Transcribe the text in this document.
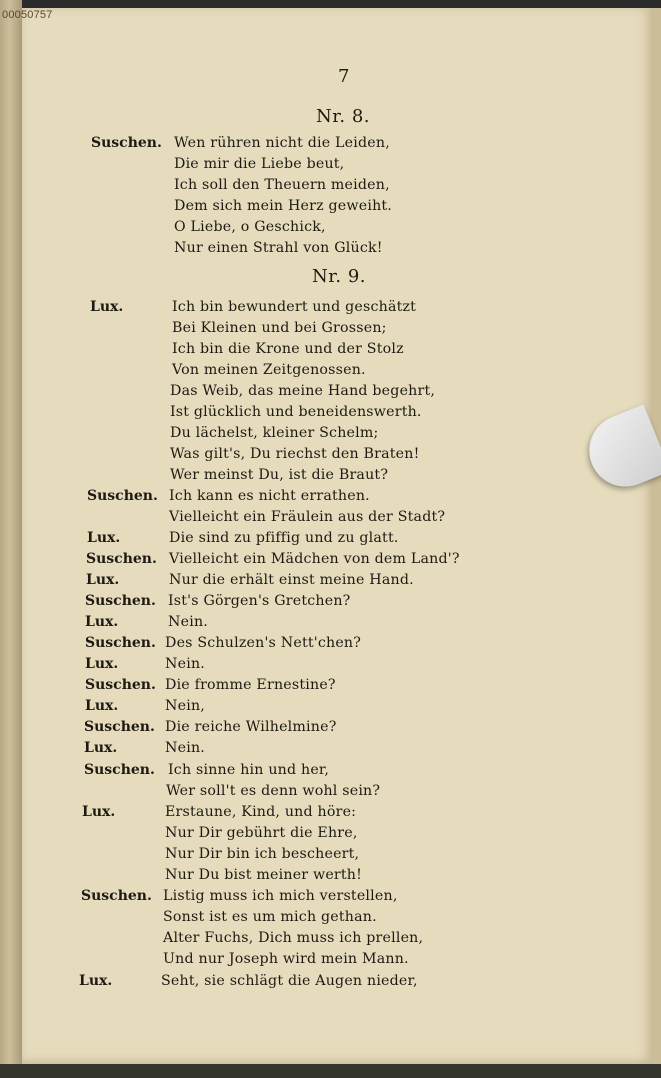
00050757
7
Nr. 8.
Suschen. Wen rühren nicht die Leiden,
Die mir die Liebe beut,
Ich soll den Theuern meiden,
Dem sich mein Herz geweiht.
O Liebe, o Geschick,
Nur einen Strahl von Glück!
Nr. 9.
Lux.	Ich bin bewundert und geschätzt
Bei Kleinen und bei Grossen;
Ich bin die Krone und der Stolz
Von meinen Zeitgenossen.
Das Weib, das meine Hand begehrt,
Ist glücklich und beneidenswerth.
Du lächelst, kleiner Schelm;
Was gilt's, Du riechst den Braten!
Wer meinst Du, ist die Braut?
Suschen. Ich kann es nicht errathen.
Vielleicht ein Fräulein aus der Stadt?
Lux.	Die sind zu pfiffig und zu glatt.
Suschen. Vielleicht ein Mädchen von dem Land'?
Lux.	Nur die erhält einst meine Hand.
Suschen. Ist's Görgen's Gretchen?
Lux.	Nein.
Suschen. Des Schulzen's Nett'chen?
Lux.	Nein.
Suschen. Die fromme Ernestine?
Lux.	Nein,
Suschen. Die reiche Wilhelmine?
Lux.	Nein.
Suschen. Ich sinne hin und her,
Wer soll't es denn wohl sein?
Lux.	Erstaune, Kind, und höre:
Nur Dir gebührt die Ehre,
Nur Dir bin ich bescheert,
Nur Du bist meiner werth!
Suschen. Listig muss ich mich verstellen,
Sonst ist es um mich gethan.
Alter Fuchs, Dich muss ich prellen,
Und nur Joseph wird mein Mann.
Lux.	Seht, sie schlägt die Augen nieder,
